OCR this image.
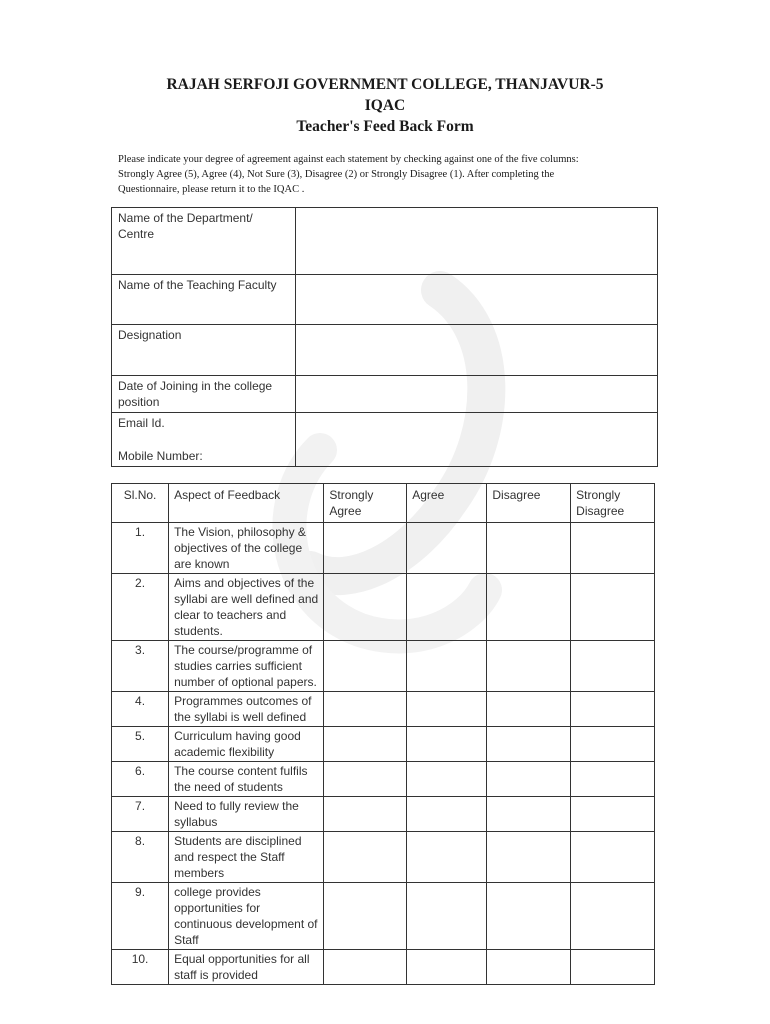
RAJAH SERFOJI GOVERNMENT COLLEGE, THANJAVUR-5
IQAC
Teacher's Feed Back Form
Please indicate your degree of agreement against each statement by checking against one of the five columns:
Strongly Agree (5), Agree (4), Not Sure (3), Disagree (2) or Strongly Disagree (1). After completing the
Questionnaire, please return it to the IQAC .
Name of the Department/
Centre	

Name of the Teaching Faculty	

Designation	

Date of Joining in the college
position	

Email Id.
Mobile Number:	

Sl.No.	Aspect of Feedback	Strongly Agree	Agree	Disagree	Strongly Disagree
1.	The Vision, philosophy & objectives of the college are known				
2.	Aims and objectives of the syllabi are well defined and clear to teachers and students.				
3.	The course/programme of studies carries sufficient number of optional papers.				
4.	Programmes outcomes of the syllabi is well defined				
5.	Curriculum having good academic flexibility				
6.	The course content fulfils the need of students				
7.	Need to fully review the syllabus				
8.	Students are disciplined and respect the Staff members				
9.	college provides opportunities for continuous development of Staff				
10.	Equal opportunities for all staff is provided				
